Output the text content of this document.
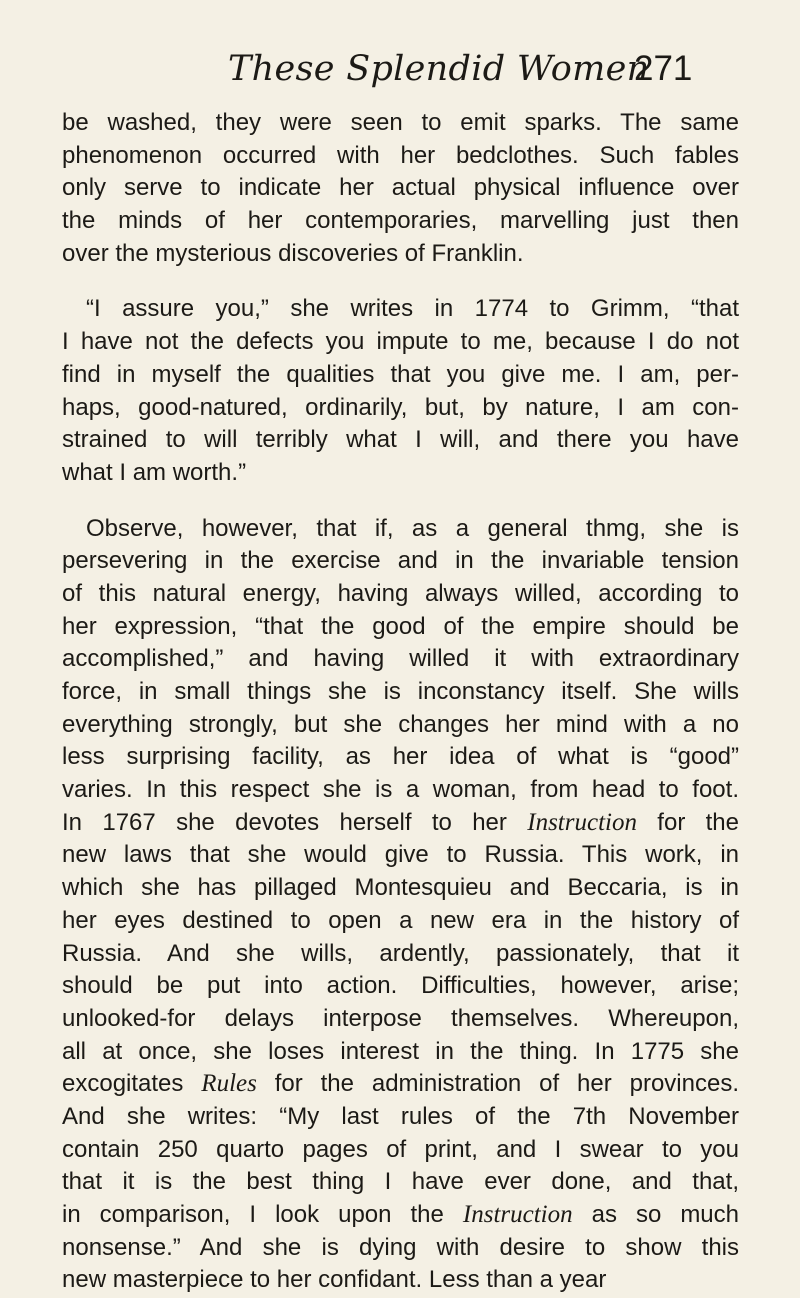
These Splendid Women
271
be washed, they were seen to emit sparks. The same
phenomenon occurred with her bedclothes. Such fables
only serve to indicate her actual physical influence over
the minds of her contemporaries, marvelling just then
over the mysterious discoveries of Franklin.
“I assure you,” she writes in 1774 to Grimm, “that
I have not the defects you impute to me, because I do not
find in myself the qualities that you give me. I am, per-
haps, good-natured, ordinarily, but, by nature, I am con-
strained to will terribly what I will, and there you have
what I am worth.”
Observe, however, that if, as a general thmg, she is
persevering in the exercise and in the invariable tension
of this natural energy, having always willed, according to
her expression, “that the good of the empire should be
accomplished,” and having willed it with extraordinary
force, in small things she is inconstancy itself. She wills
everything strongly, but she changes her mind with a no
less surprising facility, as her idea of what is “good”
varies. In this respect she is a woman, from head to foot.
In 1767 she devotes herself to her Instruction for the
new laws that she would give to Russia. This work, in
which she has pillaged Montesquieu and Beccaria, is in
her eyes destined to open a new era in the history of
Russia. And she wills, ardently, passionately, that it
should be put into action. Difficulties, however, arise;
unlooked-for delays interpose themselves. Whereupon,
all at once, she loses interest in the thing. In 1775 she
excogitates Rules for the administration of her provinces.
And she writes: “My last rules of the 7th November
contain 250 quarto pages of print, and I swear to you
that it is the best thing I have ever done, and that,
in comparison, I look upon the Instruction as so much
nonsense.” And she is dying with desire to show this
new masterpiece to her confidant. Less than a year
